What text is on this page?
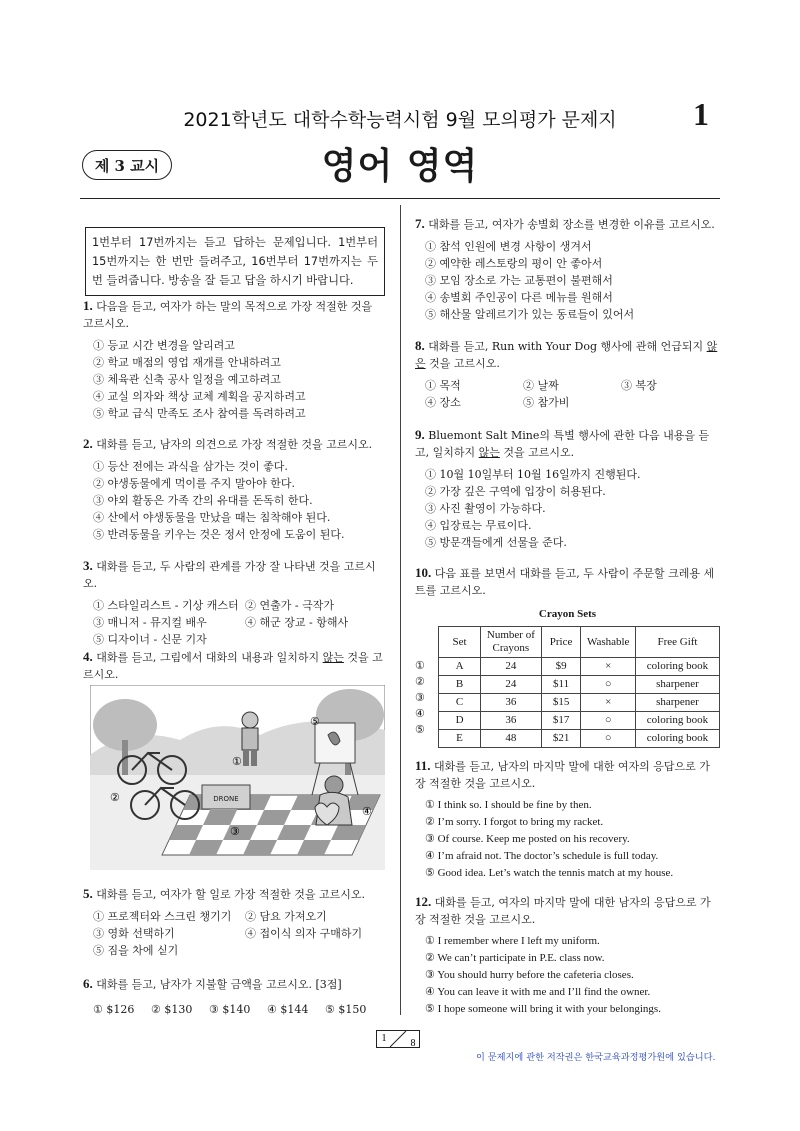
2021학년도 대학수학능력시험 9월 모의평가 문제지	1
제 3 교시	영어 영역
1번부터 17번까지는 듣고 답하는 문제입니다. 1번부터 15번까지는 한 번만 들려주고, 16번부터 17번까지는 두 번 들려줍니다. 방송을 잘 듣고 답을 하시기 바랍니다.
1. 다음을 듣고, 여자가 하는 말의 목적으로 가장 적절한 것을 고르시오.
① 등교 시간 변경을 알리려고
② 학교 매점의 영업 재개를 안내하려고
③ 체육관 신축 공사 일정을 예고하려고
④ 교실 의자와 책상 교체 계획을 공지하려고
⑤ 학교 급식 만족도 조사 참여를 독려하려고
2. 대화를 듣고, 남자의 의견으로 가장 적절한 것을 고르시오.
① 등산 전에는 과식을 삼가는 것이 좋다.
② 야생동물에게 먹이를 주지 말아야 한다.
③ 야외 활동은 가족 간의 유대를 돈독히 한다.
④ 산에서 야생동물을 만났을 때는 침착해야 된다.
⑤ 반려동물을 키우는 것은 정서 안정에 도움이 된다.
3. 대화를 듣고, 두 사람의 관계를 가장 잘 나타낸 것을 고르시오.
① 스타일리스트 - 기상 캐스터 ② 연출가 - 극작가
③ 매니저 - 뮤지컬 배우	④ 해군 장교 - 항해사
⑤ 디자이너 - 신문 기자
4. 대화를 듣고, 그림에서 대화의 내용과 일치하지 않는 것을 고르시오.
DRONE
①
②
③
④
⑤
5. 대화를 듣고, 여자가 할 일로 가장 적절한 것을 고르시오.
① 프로젝터와 스크린 챙기기	② 담요 가져오기
③ 영화 선택하기	④ 접이식 의자 구매하기
⑤ 짐을 차에 싣기
6. 대화를 듣고, 남자가 지불할 금액을 고르시오. [3점]
① $126	② $130	③ $140	④ $144	⑤ $150
7. 대화를 듣고, 여자가 송별회 장소를 변경한 이유를 고르시오.
① 참석 인원에 변경 사항이 생겨서
② 예약한 레스토랑의 평이 안 좋아서
③ 모임 장소로 가는 교통편이 불편해서
④ 송별회 주인공이 다른 메뉴를 원해서
⑤ 해산물 알레르기가 있는 동료들이 있어서
8. 대화를 듣고, Run with Your Dog 행사에 관해 언급되지 않은 것을 고르시오.
① 목적	② 날짜	③ 복장
④ 장소	⑤ 참가비
9. Bluemont Salt Mine의 특별 행사에 관한 다음 내용을 듣고, 일치하지 않는 것을 고르시오.
① 10월 10일부터 10월 16일까지 진행된다.
② 가장 깊은 구역에 입장이 허용된다.
③ 사진 촬영이 가능하다.
④ 입장료는 무료이다.
⑤ 방문객들에게 선물을 준다.
10. 다음 표를 보면서 대화를 듣고, 두 사람이 주문할 크레용 세트를 고르시오.
Crayon Sets
①
②
③
④
⑤
Set	Number of Crayons	Price	Washable	Free Gift
A	24	$9	×	coloring book
B	24	$11	○	sharpener
C	36	$15	×	sharpener
D	36	$17	○	coloring book
E	48	$21	○	coloring book
11. 대화를 듣고, 남자의 마지막 말에 대한 여자의 응답으로 가장 적절한 것을 고르시오.
① I think so. I should be fine by then.
② I’m sorry. I forgot to bring my racket.
③ Of course. Keep me posted on his recovery.
④ I’m afraid not. The doctor’s schedule is full today.
⑤ Good idea. Let’s watch the tennis match at my house.
12. 대화를 듣고, 여자의 마지막 말에 대한 남자의 응답으로 가장 적절한 것을 고르시오.
① I remember where I left my uniform.
② We can’t participate in P.E. class now.
③ You should hurry before the cafeteria closes.
④ You can leave it with me and I’ll find the owner.
⑤ I hope someone will bring it with your belongings.
1 8
이 문제지에 관한 저작권은 한국교육과정평가원에 있습니다.
